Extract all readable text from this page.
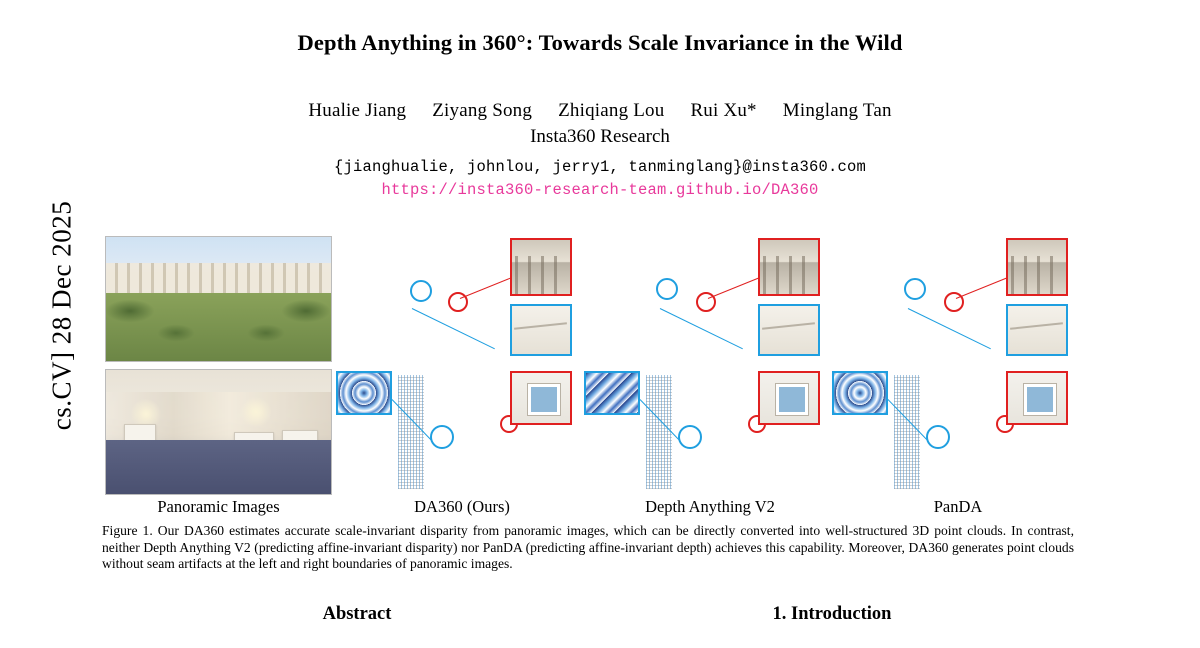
cs.CV] 28 Dec 2025
Depth Anything in 360°: Towards Scale Invariance in the Wild
Hualie Jiang Ziyang Song Zhiqiang Lou Rui Xu* Minglang Tan
Insta360 Research
{jianghualie, johnlou, jerry1, tanminglang}@insta360.com
https://insta360-research-team.github.io/DA360
Panoramic Images	DA360 (Ours)	Depth Anything V2	PanDA
Figure 1. Our DA360 estimates accurate scale-invariant disparity from panoramic images, which can be directly converted into well-structured 3D point clouds. In contrast, neither Depth Anything V2 (predicting affine-invariant disparity) nor PanDA (predicting affine-invariant depth) achieves this capability. Moreover, DA360 generates point clouds without seam artifacts at the left and right boundaries of panoramic images.
Abstract	1. Introduction
